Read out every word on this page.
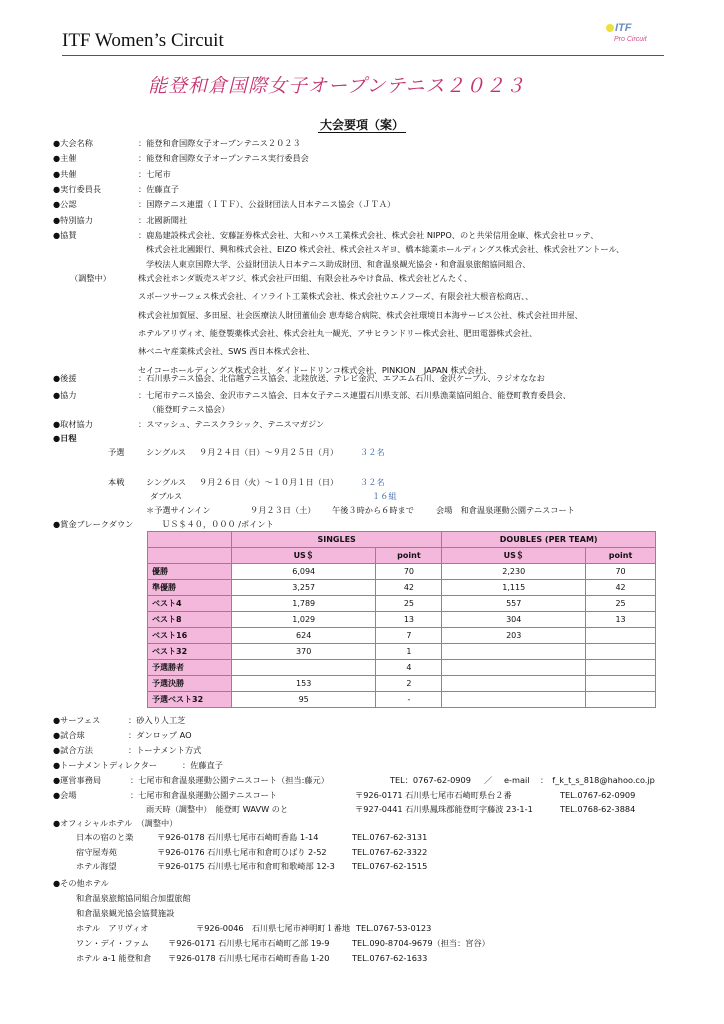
ITF Women’s Circuit
ITF
Pro Circuit
能登和倉国際女子オープンテニス２０２３
大会要項（案）
●大会名称	：能登和倉国際女子オープンテニス２０２３
●主催	：能登和倉国際女子オープンテニス実行委員会
●共催	：七尾市
●実行委員長	：佐藤直子
●公認	：国際テニス連盟（ＩＴＦ）、公益財団法人日本テニス協会（ＪＴＡ）
●特別協力	：北國新聞社
●協賛	：鹿島建設株式会社、安藤証券株式会社、大和ハウス工業株式会社、株式会社 NIPPO、のと共栄信用金庫、株式会社ロッテ、
株式会社北國銀行、興和株式会社、EIZO 株式会社、株式会社スギヨ、橋本総業ホールディングス株式会社、株式会社アントール、
学校法人東京国際大学、公益財団法人日本テニス助成財団、和倉温泉観光協会・和倉温泉旅館協同組合、
（調整中）	株式会社ホンダ販売スギフジ、株式会社戸田組、有限会社みやけ食品、株式会社どんたく、
スポーツサーフェス株式会社、イソライト工業株式会社、株式会社ウエノフーズ、有限会社大根音松商店、、
株式会社加賀屋、多田屋、社会医療法人財団董仙会 恵寿総合病院、株式会社環境日本海サービス公社、株式会社田井屋、
ホテルアリヴィオ、能登製薬株式会社、株式会社丸一観光、アサヒランドリー株式会社、肥田電器株式会社、
林ベニヤ産業株式会社、SWS 西日本株式会社、
セイコーホールディングス株式会社、ダイドードリンコ株式会社、PINKION　JAPAN 株式会社、
●後援	：石川県テニス協会、北信越テニス協会、北陸放送、テレビ金沢、エフエム石川、金沢ケーブル、ラジオななお
●協力	：七尾市テニス協会、金沢市テニス協会、日本女子テニス連盟石川県支部、石川県漁業協同組合、能登町教育委員会、
（能登町テニス協会）
●取材協力	：スマッシュ、テニスクラシック、テニスマガジン
●日程
予選	シングルス ９月２４日（日）～９月２５日（月）	３２名
本戦	シングルス ９月２６日（火）～１０月１日（日）	３２名
ダブルス	１６組
＊予選サインイン	９月２３日（土） 午後３時から６時まで	会場　和倉温泉運動公園テニスコート
●賞金ブレークダウン	ＵＳ＄４０，０００ /ポイント
	SINGLES		DOUBLES (PER TEAM)	
	US＄	point	US＄	point
優勝	6,094	70	2,230	70
準優勝	3,257	42	1,115	42
ベスト4	1,789	25	557	25
ベスト8	1,029	13	304	13
ベスト16	624	7	203	
ベスト32	370	1		
予選勝者		4		
予選決勝	153	2		
予選ベスト32	95	-		
●サーフェス	：砂入り人工芝
●試合球	：ダンロップ AO
●試合方法	：トーナメント方式
●トーナメントディレクター	：佐藤直子
●運営事務局	：七尾市和倉温泉運動公園テニスコート（担当:藤元）	TEL：0767-62-0909 ／ e-mail ：　f_k_t_s_818@hahoo.co.jp
●会場	：七尾市和倉温泉運動公園テニスコート	〒926-0171 石川県七尾市石崎町県台２番	TEL.0767-62-0909
雨天時（調整中）　能登町 WAVW のと	〒927-0441 石川県鳳珠郡能登町字藤波 23-1-1	TEL.0768-62-3884
●オフィシャルホテル　（調整中）
日本の宿のと楽	〒926-0178 石川県七尾市石崎町香島 1-14	TEL.0767-62-3131
宿守屋寿苑	〒926-0176 石川県七尾市和倉町ひばり 2-52	TEL.0767-62-3322
ホテル海望	〒926-0175 石川県七尾市和倉町和歌崎部 12-3 TEL.0767-62-1515
●その他ホテル
和倉温泉旅館協同組合加盟旅館
和倉温泉観光協会協賛施設
ホテル　アリヴィオ	〒926-0046　石川県七尾市神明町１番地 TEL.0767-53-0123
ワン・デイ・ファム 〒926-0171 石川県七尾市石崎町乙部 19-9	TEL.090-8704-9679（担当：宮谷）
ホテル a-1 能登和倉 〒926-0178 石川県七尾市石崎町香島 1-20	TEL.0767-62-1633
